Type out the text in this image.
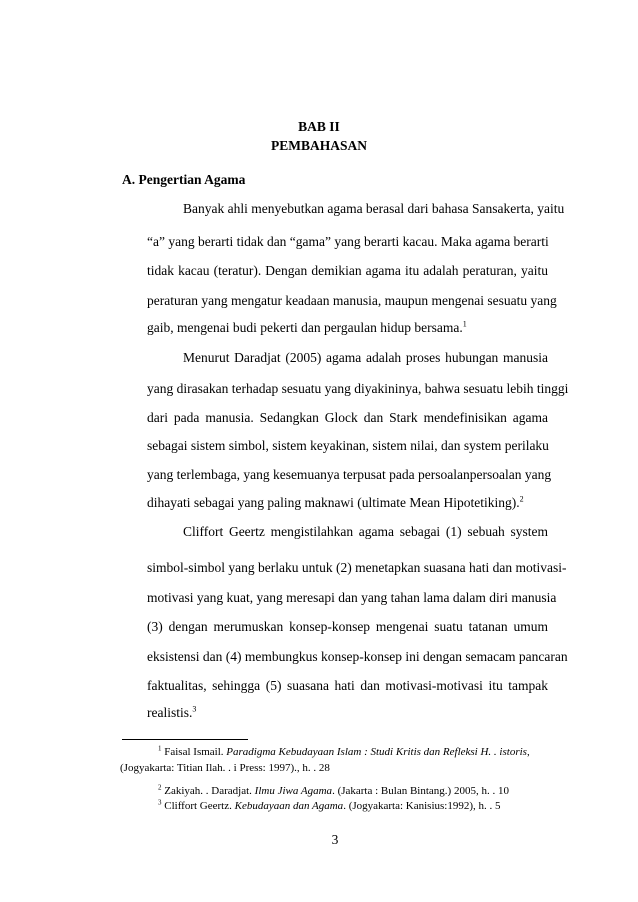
BAB II
PEMBAHASAN
A. Pengertian Agama
Banyak ahli menyebutkan agama berasal dari bahasa Sansakerta, yaitu
“a” yang berarti tidak dan “gama” yang berarti kacau. Maka agama berarti
tidak kacau (teratur). Dengan demikian agama itu adalah peraturan, yaitu
peraturan yang mengatur keadaan manusia, maupun mengenai sesuatu yang
gaib, mengenai budi pekerti dan pergaulan hidup bersama.$^1$
Menurut Daradjat (2005) agama adalah proses hubungan manusia
yang dirasakan terhadap sesuatu yang diyakininya, bahwa sesuatu lebih tinggi
dari pada manusia. Sedangkan Glock dan Stark mendefinisikan agama
sebagai sistem simbol, sistem keyakinan, sistem nilai, dan system perilaku
yang terlembaga, yang kesemuanya terpusat pada persoalanpersoalan yang
dihayati sebagai yang paling maknawi (ultimate Mean Hipotetiking).$^2$
Cliffort Geertz mengistilahkan agama sebagai (1) sebuah system
simbol-simbol yang berlaku untuk (2) menetapkan suasana hati dan motivasi-
motivasi yang kuat, yang meresapi dan yang tahan lama dalam diri manusia
(3) dengan merumuskan konsep-konsep mengenai suatu tatanan umum
eksistensi dan (4) membungkus konsep-konsep ini dengan semacam pancaran
faktualitas, sehingga (5) suasana hati dan motivasi-motivasi itu tampak
realistis.$^3$
$^1$ Faisal Ismail. Paradigma Kebudayaan Islam : Studi Kritis dan Refleksi H. . istoris,
(Jogyakarta: Titian Ilah. . i Press: 1997)., h. . 28
$^2$ Zakiyah. . Daradjat. Ilmu Jiwa Agama. (Jakarta : Bulan Bintang.) 2005, h. . 10
$^3$ Cliffort Geertz. Kebudayaan dan Agama. (Jogyakarta: Kanisius:1992), h. . 5
3
